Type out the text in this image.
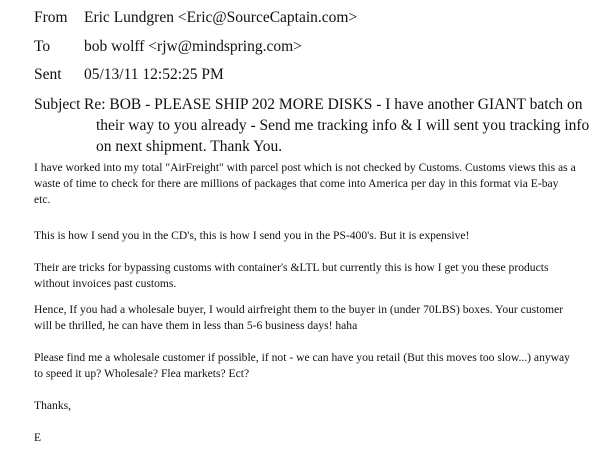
From Eric Lundgren <Eric@SourceCaptain.com>
To bob wolff <rjw@mindspring.com>
Sent 05/13/11 12:52:25 PM
Subject Re: BOB - PLEASE SHIP 202 MORE DISKS - I have another GIANT batch on
their way to you already - Send me tracking info & I will sent you tracking info
on next shipment. Thank You.
I have worked into my total "AirFreight" with parcel post which is not checked by Customs. Customs views this as a
waste of time to check for there are millions of packages that come into America per day in this format via E-bay
etc.
This is how I send you in the CD's, this is how I send you in the PS-400's. But it is expensive!
Their are tricks for bypassing customs with container's &LTL but currently this is how I get you these products
without invoices past customs.
Hence, If you had a wholesale buyer, I would airfreight them to the buyer in (under 70LBS) boxes. Your customer
will be thrilled, he can have them in less than 5-6 business days! haha
Please find me a wholesale customer if possible, if not - we can have you retail (But this moves too slow...) anyway
to speed it up? Wholesale? Flea markets? Ect?
Thanks,
E
